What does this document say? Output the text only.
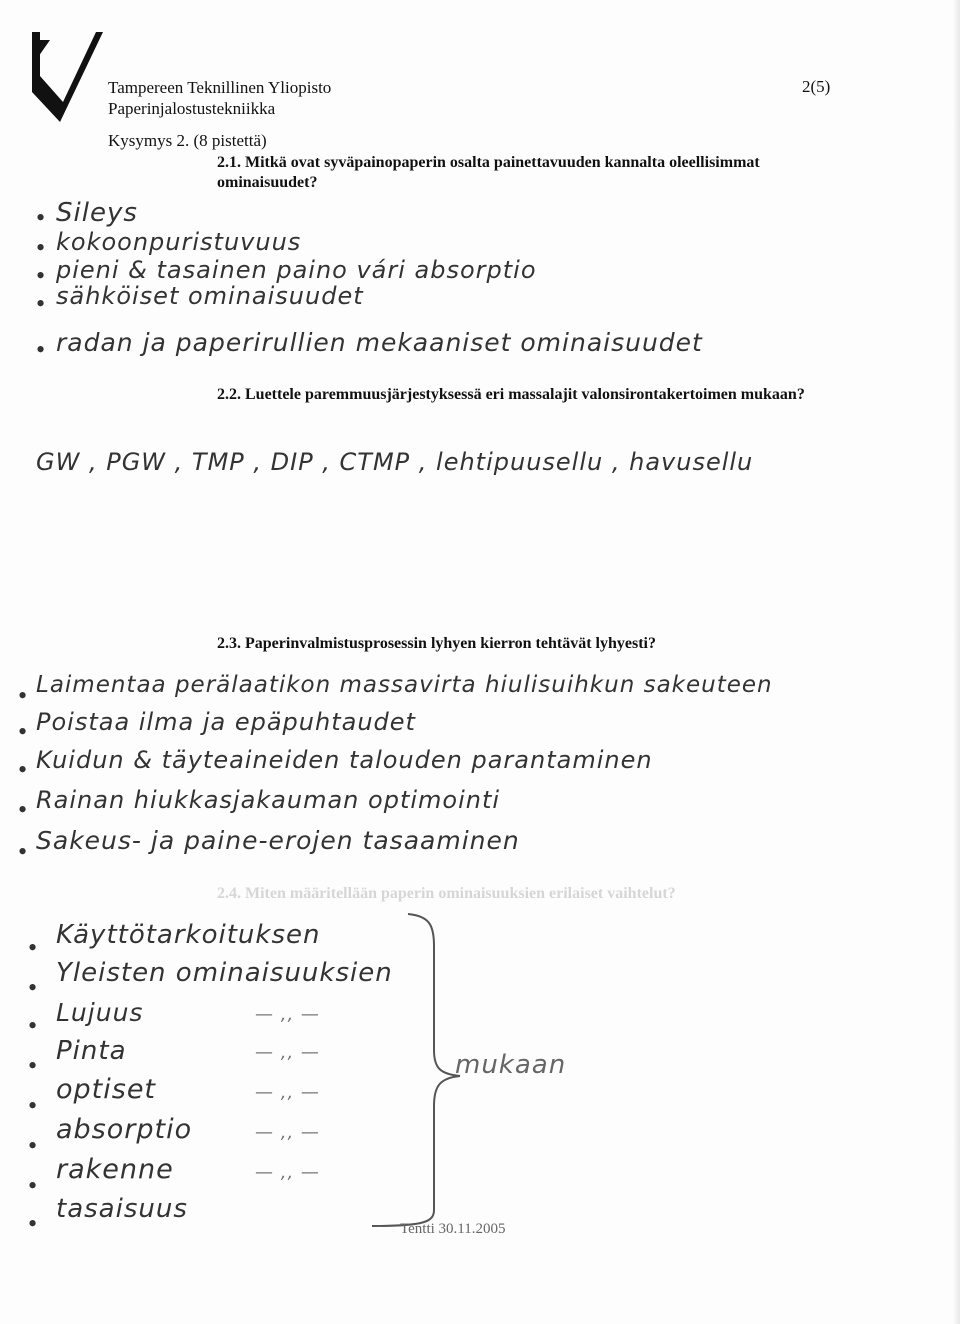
Tampereen Teknillinen Yliopisto
Paperinjalostustekniikka
2(5)
Kysymys 2. (8 pistettä)
2.1. Mitkä ovat syväpainopaperin osalta painettavuuden kannalta oleellisimmat ominaisuudet?
• Sileys
• kokoonpuristuvuus
• pieni & tasainen paino vári absorptio
• sähköiset ominaisuudet
• radan ja paperirullien mekaaniset ominaisuudet
2.2. Luettele paremmuusjärjestyksessä eri massalajit valonsirontakertoimen mukaan?
GW , PGW , TMP , DIP , CTMP , lehtipuusellu , havusellu
2.3. Paperinvalmistusprosessin lyhyen kierron tehtävät lyhyesti?
• Laimentaa perälaatikon massavirta hiulisuihkun sakeuteen
• Poistaa ilma ja epäpuhtaudet
• Kuidun & täyteaineiden talouden parantaminen
• Rainan hiukkasjakauman optimointi
• Sakeus- ja paine-erojen tasaaminen
2.4. Miten määritellään paperin ominaisuuksien erilaiset vaihtelut?
• Käyttötarkoituksen
• Yleisten ominaisuuksien
• Lujuus	— ,, —
• Pinta	— ,, —
•
optiset	— ,, —
•
absorptio	— ,, —
•
rakenne	— ,, —
• tasaisuus
mukaan
Tentti 30.11.2005
